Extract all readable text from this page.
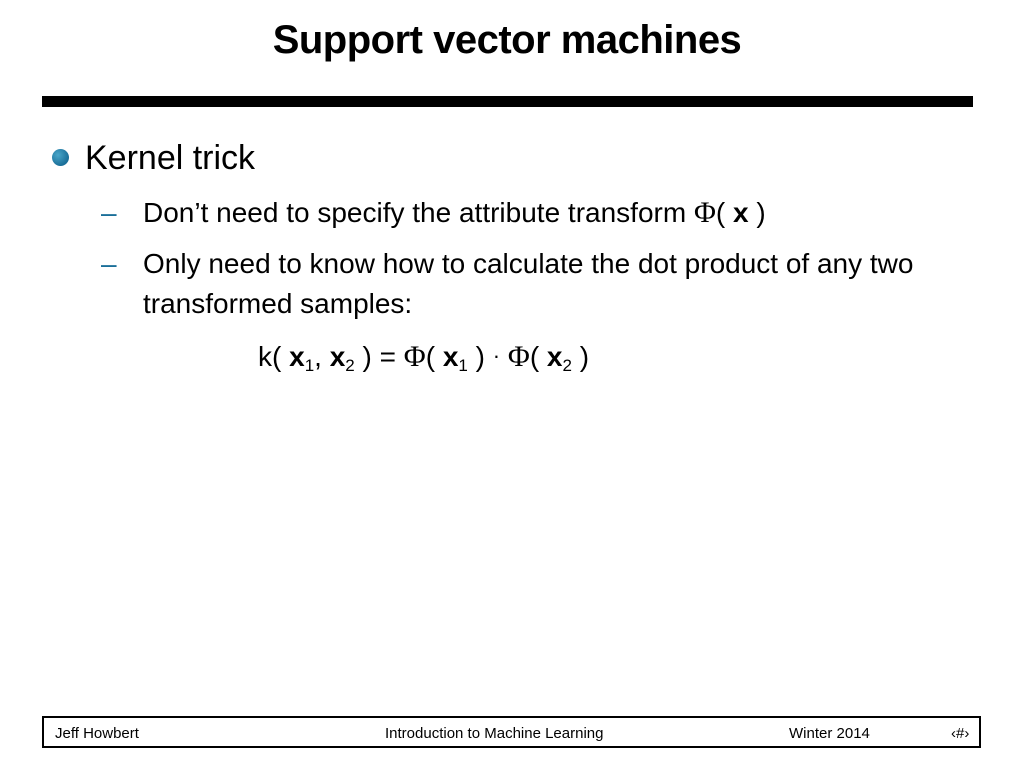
Support vector machines
Kernel trick
– Don’t need to specify the attribute transform Φ( x )
– Only need to know how to calculate the dot product of any two transformed samples:
k( $x_1$, $x_2$ ) = Φ( $x_1$ ) · Φ( $x_2$ )
Jeff Howbert	Introduction to Machine Learning	Winter 2014	‹#›
